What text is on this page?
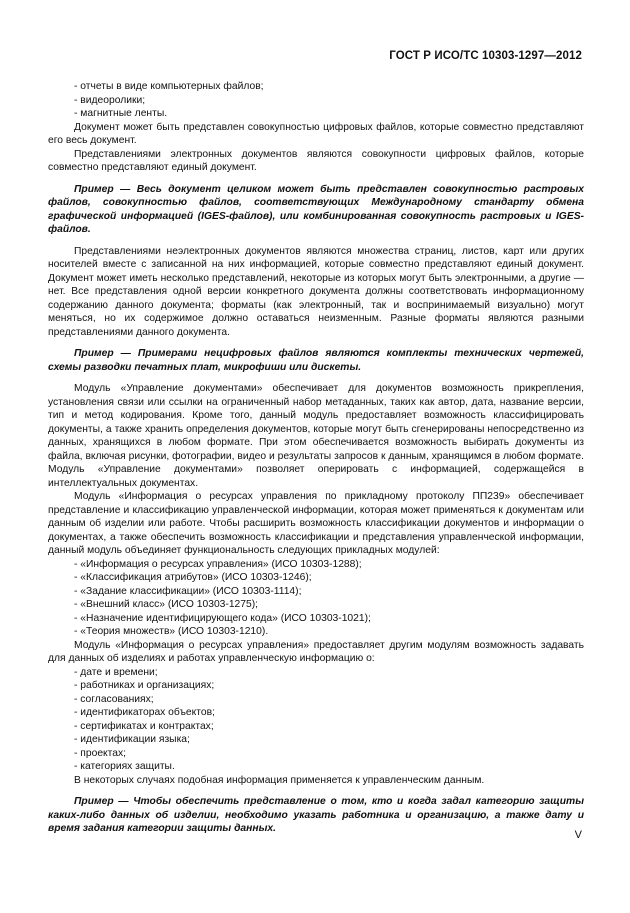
ГОСТ Р ИСО/ТС 10303-1297—2012

- отчеты в виде компьютерных файлов;

- видеоролики;

- магнитные ленты.

Документ может быть представлен совокупностью цифровых файлов, которые совместно представляют его весь документ.

Представлениями электронных документов являются совокупности цифровых файлов, которые совместно представляют единый документ.

Пример — Весь документ целиком может быть представлен совокупностью растровых файлов, совокупностью файлов, соответствующих Международному стандарту обмена графической информацией (IGES-файлов), или комбинированная совокупность растровых и IGES-файлов.

Представлениями неэлектронных документов являются множества страниц, листов, карт или других носителей вместе с записанной на них информацией, которые совместно представляют единый документ. Документ может иметь несколько представлений, некоторые из которых могут быть электронными, а другие — нет. Все представления одной версии конкретного документа должны соответствовать информационному содержанию данного документа; форматы (как электронный, так и воспринимаемый визуально) могут меняться, но их содержимое должно оставаться неизменным. Разные форматы являются разными представлениями данного документа.

Пример — Примерами нецифровых файлов являются комплекты технических чертежей, схемы разводки печатных плат, микрофиши или дискеты.

Модуль «Управление документами» обеспечивает для документов возможность прикрепления, установления связи или ссылки на ограниченный набор метаданных, таких как автор, дата, название версии, тип и метод кодирования. Кроме того, данный модуль предоставляет возможность классифицировать документы, а также хранить определения документов, которые могут быть сгенерированы непосредственно из данных, хранящихся в любом формате. При этом обеспечивается возможность выбирать документы из файла, включая рисунки, фотографии, видео и результаты запросов к данным, хранящимся в любом формате. Модуль «Управление документами» позволяет оперировать с информацией, содержащейся в интеллектуальных документах.

Модуль «Информация о ресурсах управления по прикладному протоколу ПП239» обеспечивает представление и классификацию управленческой информации, которая может применяться к документам или данным об изделии или работе. Чтобы расширить возможность классификации документов и информации о документах, а также обеспечить возможность классификации и представления управленческой информации, данный модуль объединяет функциональность следующих прикладных модулей:

- «Информация о ресурсах управления» (ИСО 10303-1288);

- «Классификация атрибутов» (ИСО 10303-1246);

- «Задание классификации» (ИСО 10303-1114);

- «Внешний класс» (ИСО 10303-1275);

- «Назначение идентифицирующего кода» (ИСО 10303-1021);

- «Теория множеств» (ИСО 10303-1210).

Модуль «Информация о ресурсах управления» предоставляет другим модулям возможность задавать для данных об изделиях и работах управленческую информацию о:

- дате и времени;

- работниках и организациях;

- согласованиях;

- идентификаторах объектов;

- сертификатах и контрактах;

- идентификации языка;

- проектах;

- категориях защиты.

В некоторых случаях подобная информация применяется к управленческим данным.

Пример — Чтобы обеспечить представление о том, кто и когда задал категорию защиты каких-либо данных об изделии, необходимо указать работника и организацию, а также дату и время задания категории защиты данных.

V
